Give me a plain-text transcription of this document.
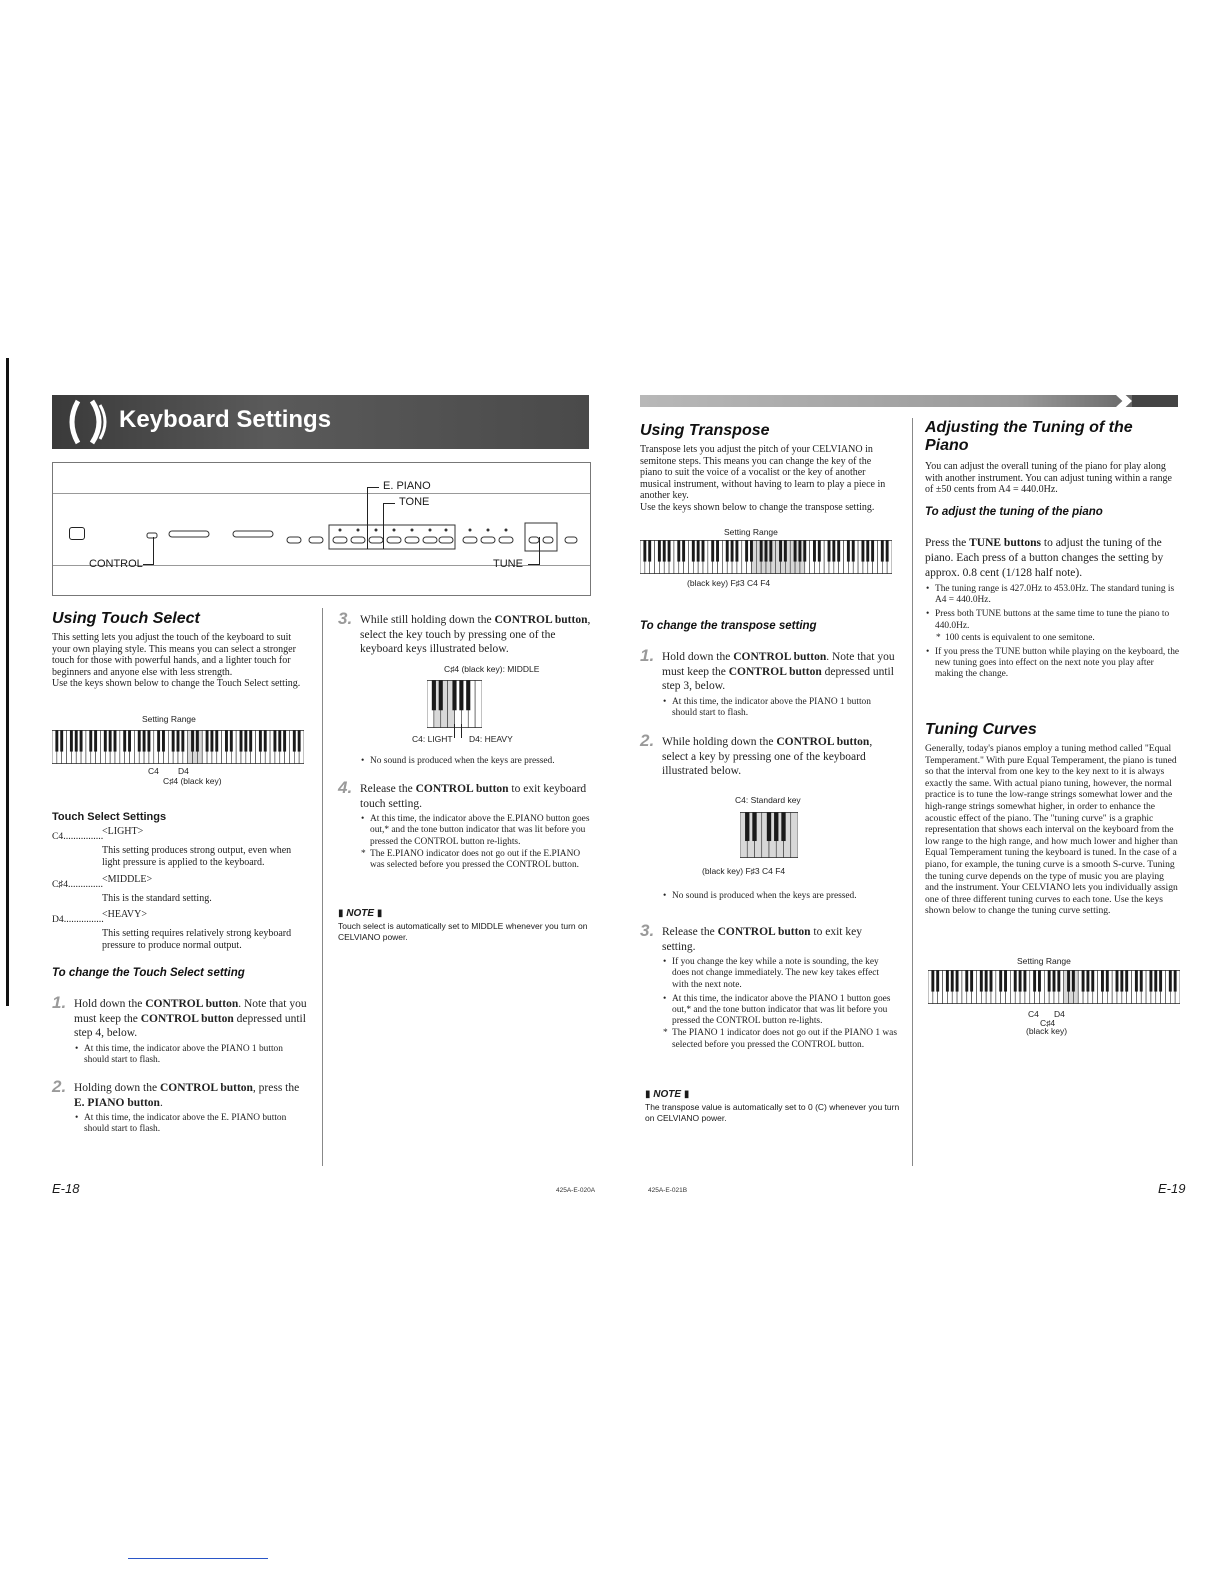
Keyboard Settings
E. PIANO
TONE
CONTROL	TUNE
Using Touch Select
This setting lets you adjust the touch of the keyboard to suit your own playing style. This means you can select a stronger touch for those with powerful hands, and a lighter touch for beginners and anyone else with less strength.
Use the keys shown below to change the Touch Select setting.
Setting Range
C4 D4
C♯4 (black key)
Touch Select Settings
C4................
<LIGHT>
This setting produces strong output, even when light pressure is applied to the keyboard.
C♯4.............. <MIDDLE>
This is the standard setting.
D4................
<HEAVY>
This setting requires relatively strong keyboard pressure to produce normal output.
To change the Touch Select setting
1. Hold down the CONTROL button. Note that you must keep the CONTROL button depressed until step 4, below.
• At this time, the indicator above the PIANO 1 button should start to flash.
2. Holding down the CONTROL button, press the E. PIANO button.
• At this time, the indicator above the E. PIANO button should start to flash.
3. While still holding down the CONTROL button, select the key touch by pressing one of the keyboard keys illustrated below.
C♯4 (black key): MIDDLE
C4: LIGHT D4: HEAVY
• No sound is produced when the keys are pressed.
4. Release the CONTROL button to exit keyboard touch setting.
• At this time, the indicator above the E.PIANO button goes out,* and the tone button indicator that was lit before you pressed the CONTROL button re-lights.
* The E.PIANO indicator does not go out if the E.PIANO was selected before you pressed the CONTROL button.
▮ NOTE ▮
Touch select is automatically set to MIDDLE whenever you turn on CELVIANO power.
E-18	425A-E-020A
Using Transpose
Transpose lets you adjust the pitch of your CELVIANO in semitone steps. This means you can change the key of the piano to suit the voice of a vocalist or the key of another musical instrument, without having to learn to play a piece in another key.
Use the keys shown below to change the transpose setting.
Setting Range
(black key) F♯3 C4 F4
To change the transpose setting
1. Hold down the CONTROL button. Note that you must keep the CONTROL button depressed until step 3, below.
• At this time, the indicator above the PIANO 1 button should start to flash.
2. While holding down the CONTROL button, select a key by pressing one of the keyboard illustrated below.
C4: Standard key
(black key) F♯3 C4 F4
• No sound is produced when the keys are pressed.
3. Release the CONTROL button to exit key setting.
• If you change the key while a note is sounding, the key does not change immediately. The new key takes effect with the next note.
• At this time, the indicator above the PIANO 1 button goes out,* and the tone button indicator that was lit before you pressed the CONTROL button re-lights.
* The PIANO 1 indicator does not go out if the PIANO 1 was selected before you pressed the CONTROL button.
▮ NOTE ▮
The transpose value is automatically set to 0 (C) whenever you turn on CELVIANO power.
Adjusting the Tuning of the Piano
You can adjust the overall tuning of the piano for play along with another instrument. You can adjust tuning within a range of ±50 cents from A4 = 440.0Hz.
To adjust the tuning of the piano
Press the TUNE buttons to adjust the tuning of the piano. Each press of a button changes the setting by approx. 0.8 cent (1/128 half note).
• The tuning range is 427.0Hz to 453.0Hz. The standard tuning is A4 = 440.0Hz.
• Press both TUNE buttons at the same time to tune the piano to 440.0Hz.
* 100 cents is equivalent to one semitone.
• If you press the TUNE button while playing on the keyboard, the new tuning goes into effect on the next note you play after making the change.
Tuning Curves
Generally, today's pianos employ a tuning method called "Equal Temperament." With pure Equal Temperament, the piano is tuned so that the interval from one key to the key next to it is always exactly the same. With actual piano tuning, however, the normal practice is to tune the low-range strings somewhat lower and the high-range strings somewhat higher, in order to enhance the acoustic effect of the piano. The "tuning curve" is a graphic representation that shows each interval on the keyboard from the low range to the high range, and how much lower and higher than Equal Temperament tuning the keyboard is tuned. In the case of a piano, for example, the tuning curve is a smooth S-curve. Tuning the tuning curve depends on the type of music you are playing and the instrument. Your CELVIANO lets you individually assign one of three different tuning curves to each tone. Use the keys shown below to change the tuning curve setting.
Setting Range
C4 D4
C♯4
(black key)
425A-E-021B	E-19
